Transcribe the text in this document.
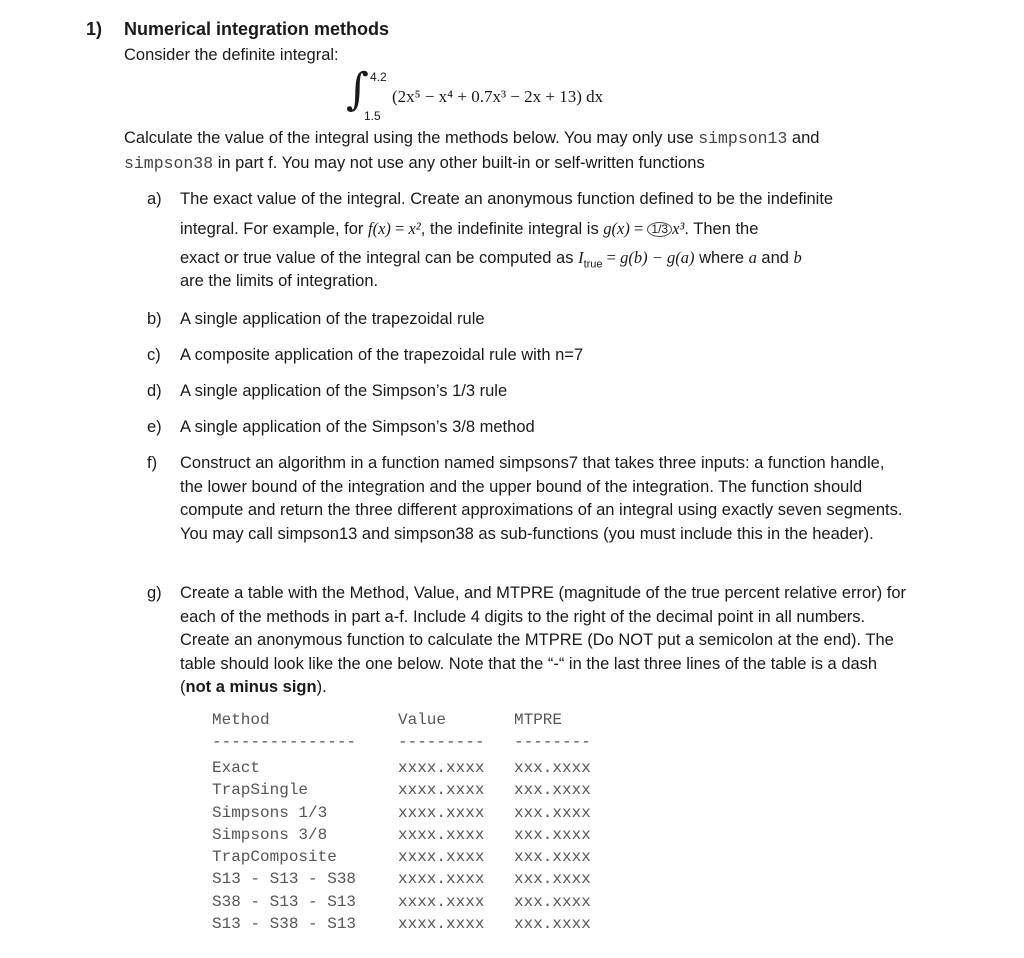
1) Numerical integration methods
Consider the definite integral:
∫ 4.2
1.5
(2x⁵ − x⁴ + 0.7x³ − 2x + 13) dx
Calculate the value of the integral using the methods below. You may only use simpson13 and
simpson38 in part f. You may not use any other built-in or self-written functions
a) The exact value of the integral. Create an anonymous function defined to be the indefinite
integral. For example, for f(x) = x², the indefinite integral is g(x) = 1/3 x³. Then the
exact or true value of the integral can be computed as $I_{true} = g(b) - g(a)$ where a and b
are the limits of integration.
b) A single application of the trapezoidal rule
c) A composite application of the trapezoidal rule with n=7
d) A single application of the Simpson’s 1/3 rule
e) A single application of the Simpson’s 3/8 method
f) Construct an algorithm in a function named simpsons7 that takes three inputs: a function handle, the lower bound of the integration and the upper bound of the integration. The function should compute and return the three different approximations of an integral using exactly seven segments. You may call simpson13 and simpson38 as sub-functions (you must include this in the header).
g) Create a table with the Method, Value, and MTPRE (magnitude of the true percent relative error) for each of the methods in part a-f. Include 4 digits to the right of the decimal point in all numbers. Create an anonymous function to calculate the MTPRE (Do NOT put a semicolon at the end). The table should look like the one below. Note that the “-“ in the last three lines of the table is a dash (not a minus sign).
Method	Value	MTPRE
---------------	--------- --------
Exact	xxxx.xxxx xxx.xxxx
TrapSingle	xxxx.xxxx xxx.xxxx
Simpsons 1/3	xxxx.xxxx xxx.xxxx
Simpsons 3/8	xxxx.xxxx xxx.xxxx
TrapComposite	xxxx.xxxx xxx.xxxx
S13 - S13 - S38	xxxx.xxxx xxx.xxxx
S38 - S13 - S13	xxxx.xxxx xxx.xxxx
S13 - S38 - S13	xxxx.xxxx xxx.xxxx
